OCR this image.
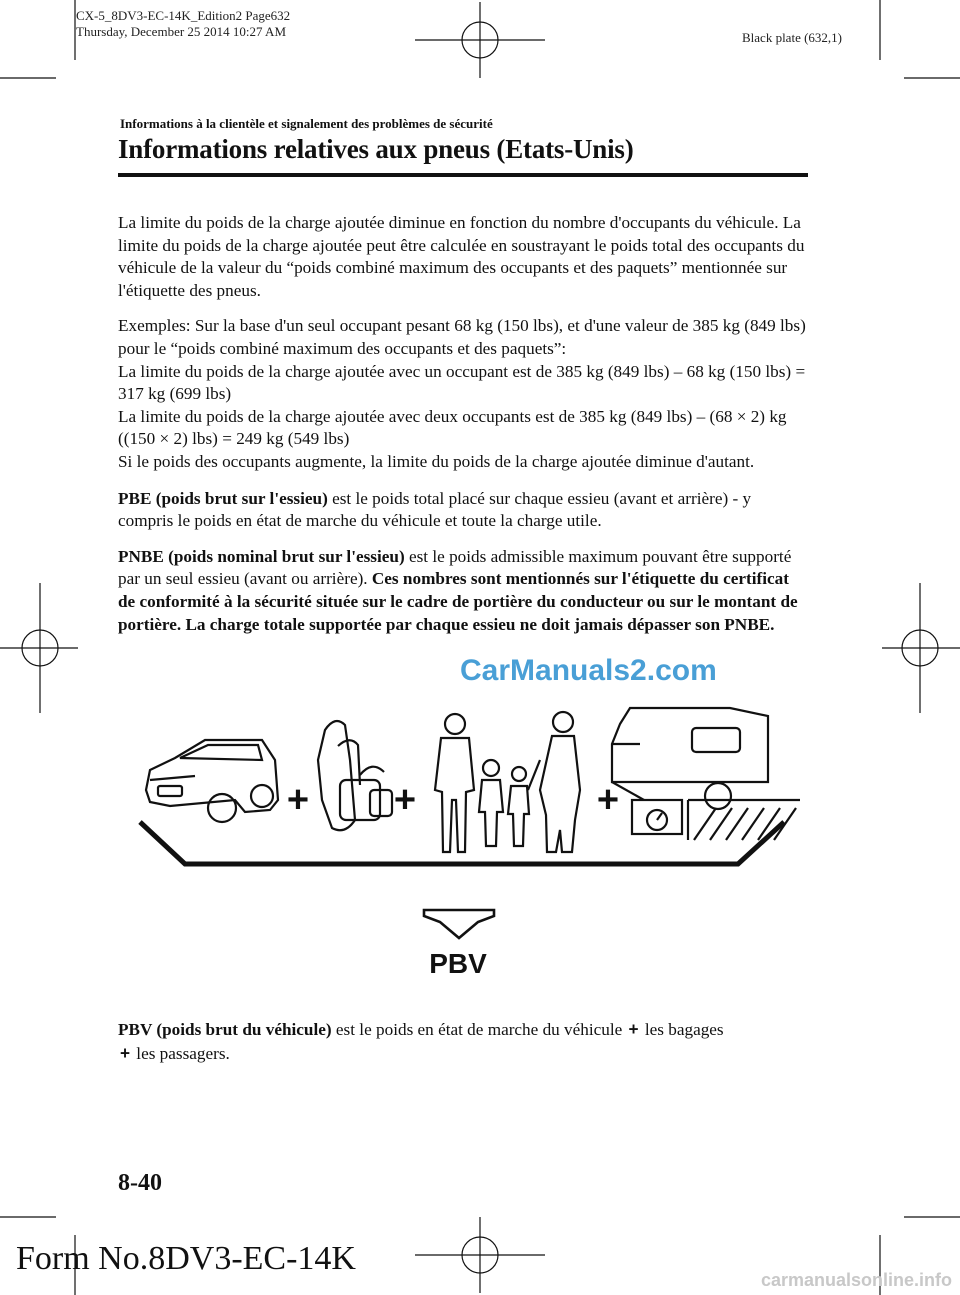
CX-5_8DV3-EC-14K_Edition2 Page632
Thursday, December 25 2014 10:27 AM	Black plate (632,1)
Informations à la clientèle et signalement des problèmes de sécurité
Informations relatives aux pneus (Etats-Unis)

La limite du poids de la charge ajoutée diminue en fonction du nombre d'occupants du véhicule. La limite du poids de la charge ajoutée peut être calculée en soustrayant le poids total des occupants du véhicule de la valeur du “poids combiné maximum des occupants et des paquets” mentionnée sur l'étiquette des pneus.

Exemples: Sur la base d'un seul occupant pesant 68 kg (150 lbs), et d'une valeur de 385 kg (849 lbs) pour le “poids combiné maximum des occupants et des paquets”:
La limite du poids de la charge ajoutée avec un occupant est de 385 kg (849 lbs) – 68 kg (150 lbs) = 317 kg (699 lbs)
La limite du poids de la charge ajoutée avec deux occupants est de 385 kg (849 lbs) – (68 × 2) kg ((150 × 2) lbs) = 249 kg (549 lbs)
Si le poids des occupants augmente, la limite du poids de la charge ajoutée diminue d'autant.

PBE (poids brut sur l'essieu) est le poids total placé sur chaque essieu (avant et arrière) - y compris le poids en état de marche du véhicule et toute la charge utile.

PNBE (poids nominal brut sur l'essieu) est le poids admissible maximum pouvant être supporté par un seul essieu (avant ou arrière). Ces nombres sont mentionnés sur l'étiquette du certificat de conformité à la sécurité située sur le cadre de portière du conducteur ou sur le montant de portière. La charge totale supportée par chaque essieu ne doit jamais dépasser son PNBE.

CarManuals2.com
+ +	+
PBV

PBV (poids brut du véhicule) est le poids en état de marche du véhicule + les bagages
+ les passagers.

8-40
Form No.8DV3-EC-14K
carmanualsonline.info
